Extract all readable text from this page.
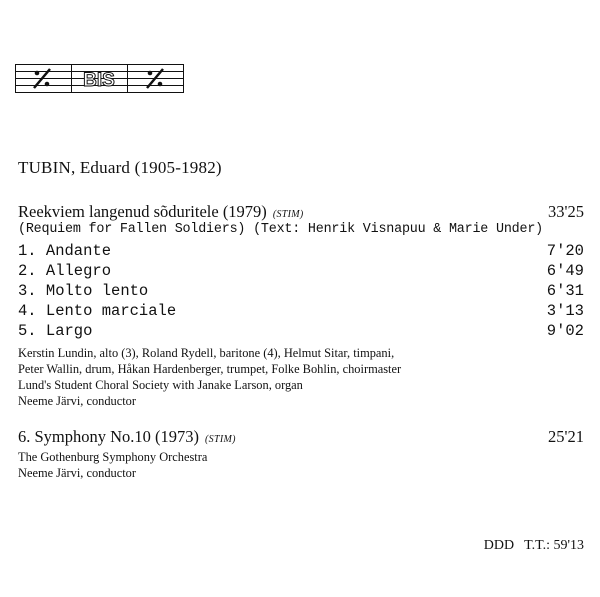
BIS
TUBIN, Eduard (1905-1982)
Reekviem langenud sõduritele (1979) (STIM)	33'25
(Requiem for Fallen Soldiers) (Text: Henrik Visnapuu & Marie Under)
1. Andante	7'20
2. Allegro	6'49
3. Molto lento	6'31
4. Lento marciale	3'13
5. Largo	9'02
Kerstin Lundin, alto (3), Roland Rydell, baritone (4), Helmut Sitar, timpani,
Peter Wallin, drum, Håkan Hardenberger, trumpet, Folke Bohlin, choirmaster
Lund's Student Choral Society with Janake Larson, organ
Neeme Järvi, conductor
6. Symphony No.10 (1973) (STIM)	25'21
The Gothenburg Symphony Orchestra
Neeme Järvi, conductor
DDD T.T.: 59'13
